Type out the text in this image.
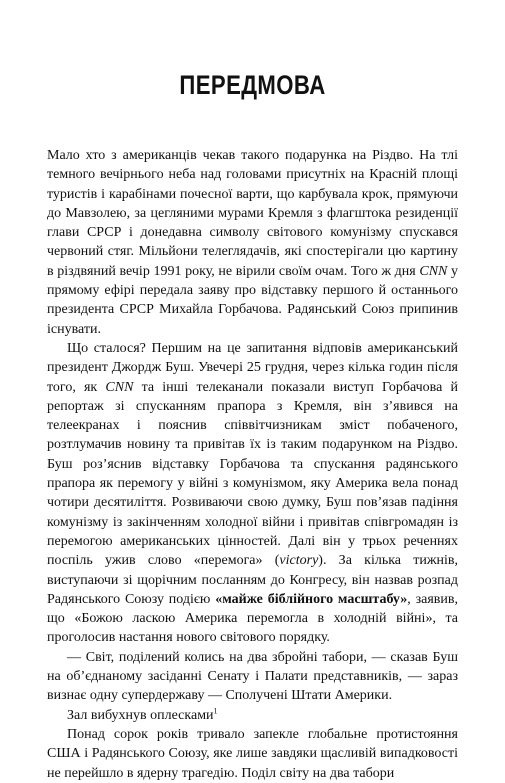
ПЕРЕДМОВА

Мало хто з американців чекав такого подарунка на Різдво. На тлі темного вечірнього неба над головами присутніх на Красній площі туристів і карабінами почесної варти, що карбувала крок, прямуючи до Мавзолею, за цегляними мурами Кремля з флагштока резиденції глави СРСР і донедавна символу світового комунізму спускався червоний стяг. Мільйони телеглядачів, які спостерігали цю картину в різдвяний вечір 1991 року, не вірили своїм очам. Того ж дня CNN у прямому ефірі передала заяву про відставку першого й останнього президента СРСР Михайла Горбачова. Радянський Союз припинив існувати.

Що сталося? Першим на це запитання відповів американський президент Джордж Буш. Увечері 25 грудня, через кілька годин після того, як CNN та інші телеканали показали виступ Горбачова й репортаж зі спусканням прапора з Кремля, він з’явився на телеекранах і пояснив співвітчизникам зміст побаченого, розтлумачив новину та привітав їх із таким подарунком на Різдво. Буш роз’яснив відставку Горбачова та спускання радянського прапора як перемогу у війні з комунізмом, яку Америка вела понад чотири десятиліття. Розвиваючи свою думку, Буш пов’язав падіння комунізму із закінченням холодної війни і привітав співгромадян із перемогою американських цінностей. Далі він у трьох реченнях поспіль ужив слово «перемога» (victory). За кілька тижнів, виступаючи зі щорічним посланням до Конгресу, він назвав розпад Радянського Союзу подією «майже біблійного масштабу», заявив, що «Божою ласкою Америка перемогла в холодній війні», та проголосив настання нового світового порядку.

— Світ, поділений колись на два збройні табори, — сказав Буш на об’єднаному засіданні Сенату і Палати представників, — зараз визнає одну супердержаву — Сполучені Штати Америки.

Зал вибухнув оплесками$^1$

Понад сорок років тривало запекле глобальне протистояння США і Радянського Союзу, яке лише завдяки щасливій випадковості не перейшло в ядерну трагедію. Поділ світу на два табори
